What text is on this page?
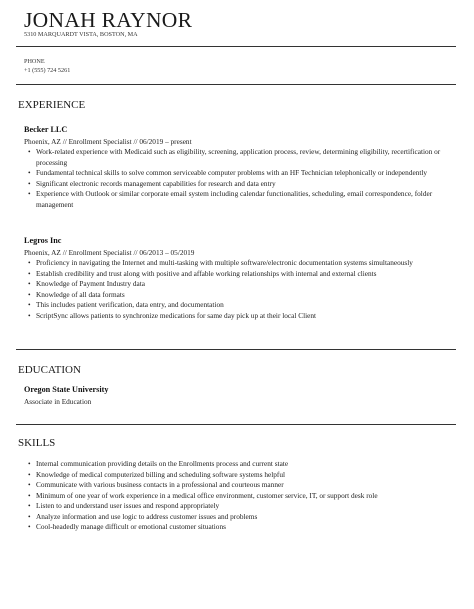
JONAH RAYNOR
5310 MARQUARDT VISTA, BOSTON, MA
PHONE
+1 (555) 724 5261
EXPERIENCE
Becker LLC
Phoenix, AZ // Enrollment Specialist // 06/2019 – present
• Work-related experience with Medicaid such as eligibility, screening, application process, review, determining eligibility, recertification or processing
• Fundamental technical skills to solve common serviceable computer problems with an HF Technician telephonically or independently
• Significant electronic records management capabilities for research and data entry
• Experience with Outlook or similar corporate email system including calendar functionalities, scheduling, email correspondence, folder management
Legros Inc
Phoenix, AZ // Enrollment Specialist // 06/2013 – 05/2019
• Proficiency in navigating the Internet and multi-tasking with multiple software/electronic documentation systems simultaneously
• Establish credibility and trust along with positive and affable working relationships with internal and external clients
• Knowledge of Payment Industry data
• Knowledge of all data formats
• This includes patient verification, data entry, and documentation
• ScriptSync allows patients to synchronize medications for same day pick up at their local Client
EDUCATION
Oregon State University
Associate in Education
SKILLS
• Internal communication providing details on the Enrollments process and current state
• Knowledge of medical computerized billing and scheduling software systems helpful
• Communicate with various business contacts in a professional and courteous manner
• Minimum of one year of work experience in a medical office environment, customer service, IT, or support desk role
• Listen to and understand user issues and respond appropriately
• Analyze information and use logic to address customer issues and problems
• Cool-headedly manage difficult or emotional customer situations
